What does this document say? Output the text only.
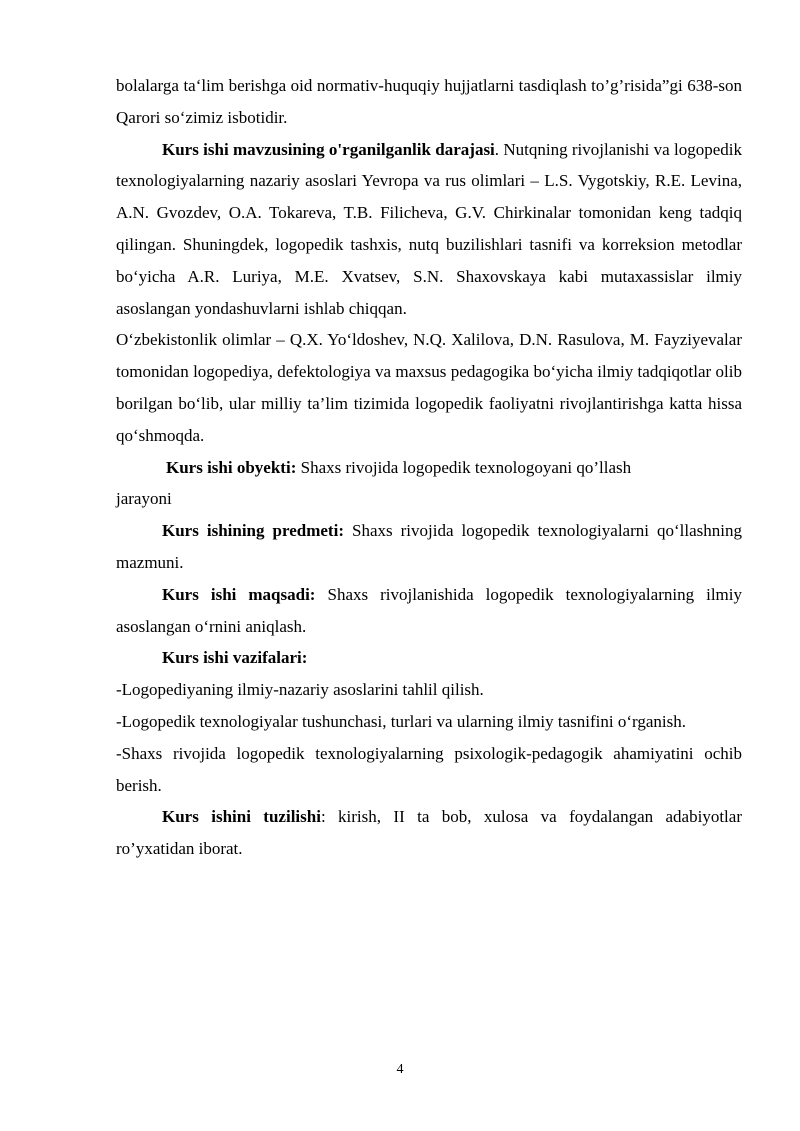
bolalarga ta‘lim berishga oid normativ-huquqiy hujjatlarni tasdiqlash to’g’risida”gi 638-son Qarori so‘zimiz isbotidir.

Kurs ishi mavzusining o'rganilganlik darajasi. Nutqning rivojlanishi va logopedik texnologiyalarning nazariy asoslari Yevropa va rus olimlari – L.S. Vygotskiy, R.E. Levina, A.N. Gvozdev, O.A. Tokareva, T.B. Filicheva, G.V. Chirkinalar tomonidan keng tadqiq qilingan. Shuningdek, logopedik tashxis, nutq buzilishlari tasnifi va korreksion metodlar bo‘yicha A.R. Luriya, M.E. Xvatsev, S.N. Shaxovskaya kabi mutaxassislar ilmiy asoslangan yondashuvlarni ishlab chiqqan.

O‘zbekistonlik olimlar – Q.X. Yo‘ldoshev, N.Q. Xalilova, D.N. Rasulova, M. Fayziyevalar tomonidan logopediya, defektologiya va maxsus pedagogika bo‘yicha ilmiy tadqiqotlar olib borilgan bo‘lib, ular milliy ta’lim tizimida logopedik faoliyatni rivojlantirishga katta hissa qo‘shmoqda.

Kurs ishi obyekti: Shaxs rivojida logopedik texnologoyani qo’llash

jarayoni

Kurs ishining predmeti: Shaxs rivojida logopedik texnologiyalarni qo‘llashning mazmuni.

Kurs ishi maqsadi: Shaxs rivojlanishida logopedik texnologiyalarning ilmiy asoslangan o‘rnini aniqlash.

Kurs ishi vazifalari:

-Logopediyaning ilmiy-nazariy asoslarini tahlil qilish.

-Logopedik texnologiyalar tushunchasi, turlari va ularning ilmiy tasnifini o‘rganish.

-Shaxs rivojida logopedik texnologiyalarning psixologik-pedagogik ahamiyatini ochib berish.

Kurs ishini tuzilishi: kirish, II ta bob, xulosa va foydalangan adabiyotlar ro’yxatidan iborat.

4
